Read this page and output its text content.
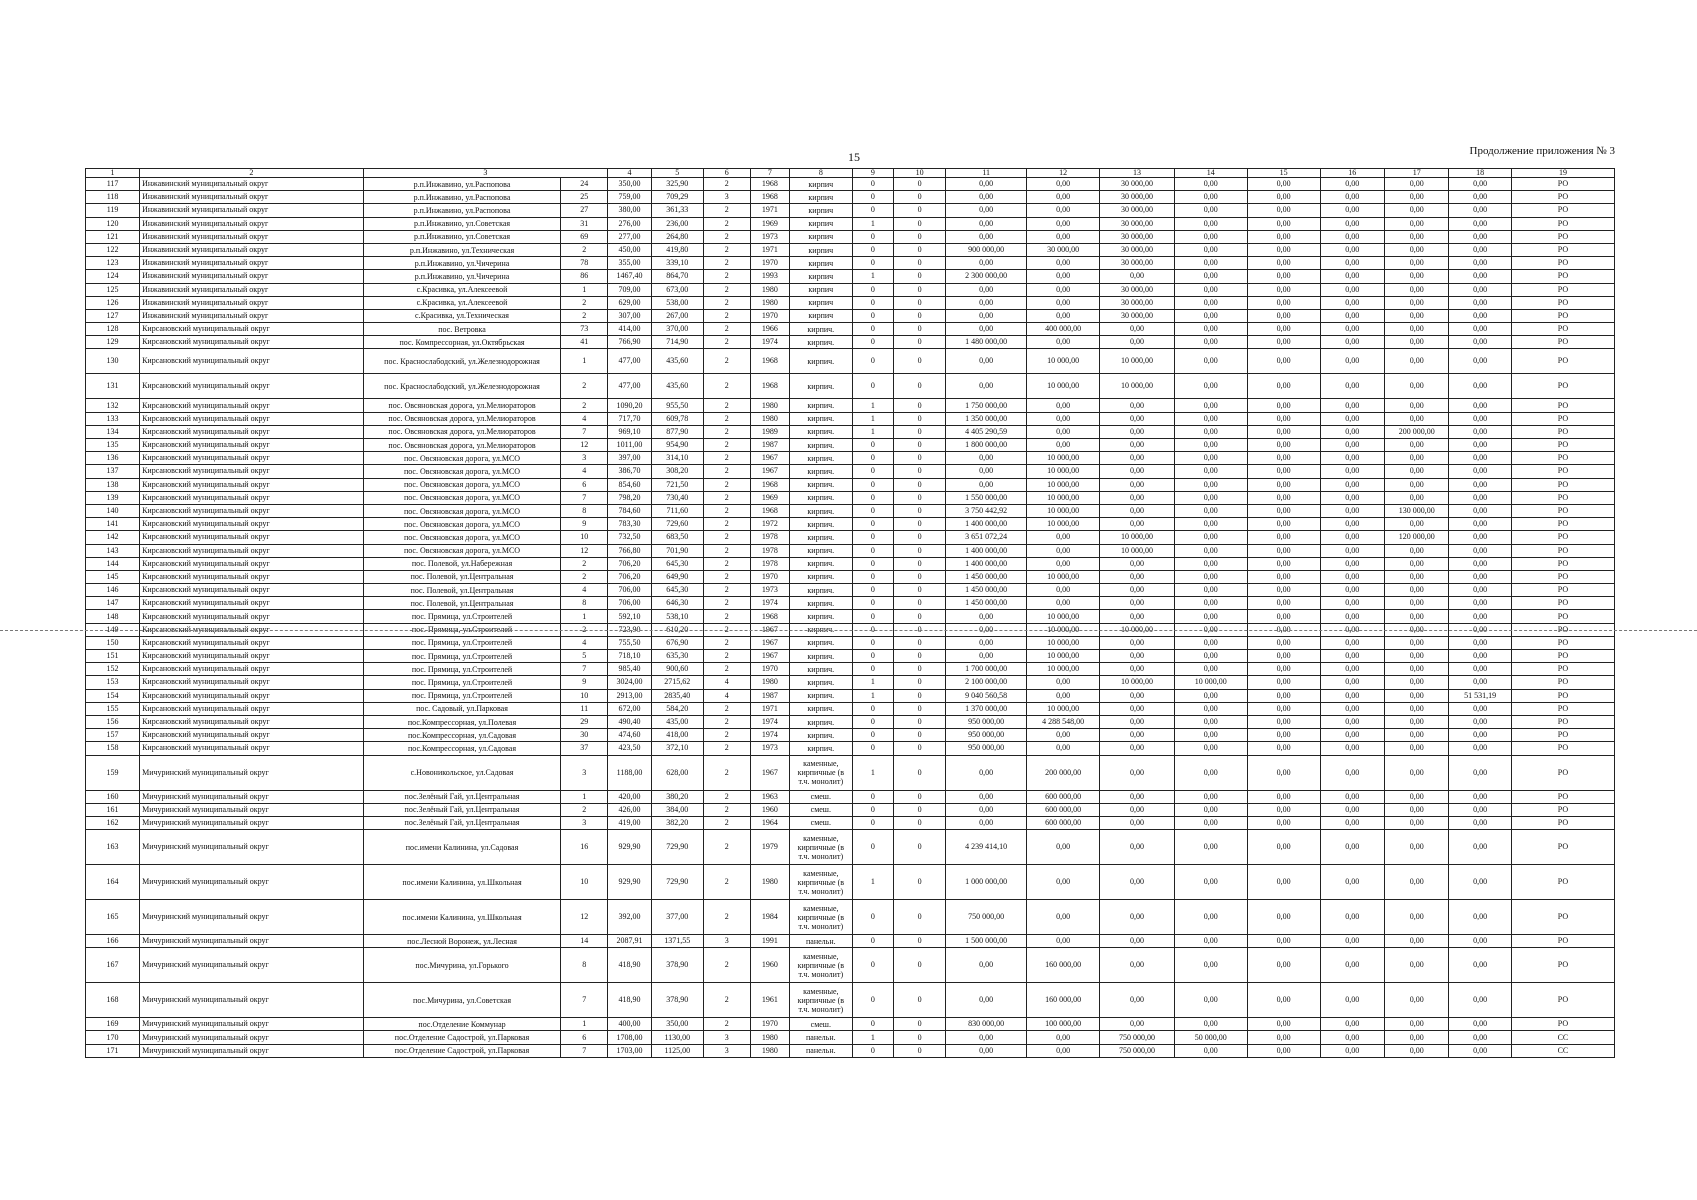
15	Продолжение приложения № 3
1	2	3		4	5	6	7	8	9	10	11	12	13	14	15	16	17	18	19
117	Инжавинский муниципальный округ	р.п.Инжавино, ул.Распопова	24	350,00	325,90	2	1968	кирпич	0	0	0,00	0,00	30 000,00	0,00	0,00	0,00	0,00	0,00	РО
118	Инжавинский муниципальный округ	р.п.Инжавино, ул.Распопова	25	759,00	709,29	3	1968	кирпич	0	0	0,00	0,00	30 000,00	0,00	0,00	0,00	0,00	0,00	РО
119	Инжавинский муниципальный округ	р.п.Инжавино, ул.Распопова	27	380,00	361,33	2	1971	кирпич	0	0	0,00	0,00	30 000,00	0,00	0,00	0,00	0,00	0,00	РО
120	Инжавинский муниципальный округ	р.п.Инжавино, ул.Советская	31	276,00	236,00	2	1969	кирпич	1	0	0,00	0,00	30 000,00	0,00	0,00	0,00	0,00	0,00	РО
121	Инжавинский муниципальный округ	р.п.Инжавино, ул.Советская	69	277,00	264,80	2	1973	кирпич	0	0	0,00	0,00	30 000,00	0,00	0,00	0,00	0,00	0,00	РО
122	Инжавинский муниципальный округ	р.п.Инжавино, ул.Техническая	2	450,00	419,80	2	1971	кирпич	0	0	900 000,00	30 000,00	30 000,00	0,00	0,00	0,00	0,00	0,00	РО
123	Инжавинский муниципальный округ	р.п.Инжавино, ул.Чичерина	78	355,00	339,10	2	1970	кирпич	0	0	0,00	0,00	30 000,00	0,00	0,00	0,00	0,00	0,00	РО
124	Инжавинский муниципальный округ	р.п.Инжавино, ул.Чичерина	86	1467,40	864,70	2	1993	кирпич	1	0	2 300 000,00	0,00	0,00	0,00	0,00	0,00	0,00	0,00	РО
125	Инжавинский муниципальный округ	с.Красивка, ул.Алексеевой	1	709,00	673,00	2	1980	кирпич	0	0	0,00	0,00	30 000,00	0,00	0,00	0,00	0,00	0,00	РО
126	Инжавинский муниципальный округ	с.Красивка, ул.Алексеевой	2	629,00	538,00	2	1980	кирпич	0	0	0,00	0,00	30 000,00	0,00	0,00	0,00	0,00	0,00	РО
127	Инжавинский муниципальный округ	с.Красивка, ул.Техническая	2	307,00	267,00	2	1970	кирпич	0	0	0,00	0,00	30 000,00	0,00	0,00	0,00	0,00	0,00	РО
128	Кирсановский муниципальный округ	пос. Ветровка	73	414,00	370,00	2	1966	кирпич.	0	0	0,00	400 000,00	0,00	0,00	0,00	0,00	0,00	0,00	РО
129	Кирсановский муниципальный округ	пос. Компрессорная, ул.Октябрьская	41	766,90	714,90	2	1974	кирпич.	0	0	1 480 000,00	0,00	0,00	0,00	0,00	0,00	0,00	0,00	РО
130	Кирсановский муниципальный округ	пос. Краснослабодский, ул.Железнодорожная	1	477,00	435,60	2	1968	кирпич.	0	0	0,00	10 000,00	10 000,00	0,00	0,00	0,00	0,00	0,00	РО
131	Кирсановский муниципальный округ	пос. Краснослабодский, ул.Железнодорожная	2	477,00	435,60	2	1968	кирпич.	0	0	0,00	10 000,00	10 000,00	0,00	0,00	0,00	0,00	0,00	РО
132	Кирсановский муниципальный округ	пос. Овсяновская дорога, ул.Мелиораторов	2	1090,20	955,50	2	1980	кирпич.	1	0	1 750 000,00	0,00	0,00	0,00	0,00	0,00	0,00	0,00	РО
133	Кирсановский муниципальный округ	пос. Овсяновская дорога, ул.Мелиораторов	4	717,70	609,78	2	1980	кирпич.	1	0	1 350 000,00	0,00	0,00	0,00	0,00	0,00	0,00	0,00	РО
134	Кирсановский муниципальный округ	пос. Овсяновская дорога, ул.Мелиораторов	7	969,10	877,90	2	1989	кирпич.	1	0	4 405 290,59	0,00	0,00	0,00	0,00	0,00	200 000,00	0,00	РО
135	Кирсановский муниципальный округ	пос. Овсяновская дорога, ул.Мелиораторов	12	1011,00	954,90	2	1987	кирпич.	0	0	1 800 000,00	0,00	0,00	0,00	0,00	0,00	0,00	0,00	РО
136	Кирсановский муниципальный округ	пос. Овсяновская дорога, ул.МСО	3	397,00	314,10	2	1967	кирпич.	0	0	0,00	10 000,00	0,00	0,00	0,00	0,00	0,00	0,00	РО
137	Кирсановский муниципальный округ	пос. Овсяновская дорога, ул.МСО	4	386,70	308,20	2	1967	кирпич.	0	0	0,00	10 000,00	0,00	0,00	0,00	0,00	0,00	0,00	РО
138	Кирсановский муниципальный округ	пос. Овсяновская дорога, ул.МСО	6	854,60	721,50	2	1968	кирпич.	0	0	0,00	10 000,00	0,00	0,00	0,00	0,00	0,00	0,00	РО
139	Кирсановский муниципальный округ	пос. Овсяновская дорога, ул.МСО	7	798,20	730,40	2	1969	кирпич.	0	0	1 550 000,00	10 000,00	0,00	0,00	0,00	0,00	0,00	0,00	РО
140	Кирсановский муниципальный округ	пос. Овсяновская дорога, ул.МСО	8	784,60	711,60	2	1968	кирпич.	0	0	3 750 442,92	10 000,00	0,00	0,00	0,00	0,00	130 000,00	0,00	РО
141	Кирсановский муниципальный округ	пос. Овсяновская дорога, ул.МСО	9	783,30	729,60	2	1972	кирпич.	0	0	1 400 000,00	10 000,00	0,00	0,00	0,00	0,00	0,00	0,00	РО
142	Кирсановский муниципальный округ	пос. Овсяновская дорога, ул.МСО	10	732,50	683,50	2	1978	кирпич.	0	0	3 651 072,24	0,00	10 000,00	0,00	0,00	0,00	120 000,00	0,00	РО
143	Кирсановский муниципальный округ	пос. Овсяновская дорога, ул.МСО	12	766,80	701,90	2	1978	кирпич.	0	0	1 400 000,00	0,00	10 000,00	0,00	0,00	0,00	0,00	0,00	РО
144	Кирсановский муниципальный округ	пос. Полевой, ул.Набережная	2	706,20	645,30	2	1978	кирпич.	0	0	1 400 000,00	0,00	0,00	0,00	0,00	0,00	0,00	0,00	РО
145	Кирсановский муниципальный округ	пос. Полевой, ул.Центральная	2	706,20	649,90	2	1970	кирпич.	0	0	1 450 000,00	10 000,00	0,00	0,00	0,00	0,00	0,00	0,00	РО
146	Кирсановский муниципальный округ	пос. Полевой, ул.Центральная	4	706,00	645,30	2	1973	кирпич.	0	0	1 450 000,00	0,00	0,00	0,00	0,00	0,00	0,00	0,00	РО
147	Кирсановский муниципальный округ	пос. Полевой, ул.Центральная	8	706,00	646,30	2	1974	кирпич.	0	0	1 450 000,00	0,00	0,00	0,00	0,00	0,00	0,00	0,00	РО
148	Кирсановский муниципальный округ	пос. Прямица, ул.Строителей	1	592,10	538,10	2	1968	кирпич.	0	0	0,00	10 000,00	0,00	0,00	0,00	0,00	0,00	0,00	РО
149	Кирсановский муниципальный округ	пос. Прямица, ул.Строителей	2	723,90	610,20	2	1967	кирпич.	0	0	0,00	10 000,00	10 000,00	0,00	0,00	0,00	0,00	0,00	РО
150	Кирсановский муниципальный округ	пос. Прямица, ул.Строителей	4	755,50	676,90	2	1967	кирпич.	0	0	0,00	10 000,00	0,00	0,00	0,00	0,00	0,00	0,00	РО
151	Кирсановский муниципальный округ	пос. Прямица, ул.Строителей	5	718,10	635,30	2	1967	кирпич.	0	0	0,00	10 000,00	0,00	0,00	0,00	0,00	0,00	0,00	РО
152	Кирсановский муниципальный округ	пос. Прямица, ул.Строителей	7	985,40	900,60	2	1970	кирпич.	0	0	1 700 000,00	10 000,00	0,00	0,00	0,00	0,00	0,00	0,00	РО
153	Кирсановский муниципальный округ	пос. Прямица, ул.Строителей	9	3024,00	2715,62	4	1980	кирпич.	1	0	2 100 000,00	0,00	10 000,00	10 000,00	0,00	0,00	0,00	0,00	РО
154	Кирсановский муниципальный округ	пос. Прямица, ул.Строителей	10	2913,00	2835,40	4	1987	кирпич.	1	0	9 040 560,58	0,00	0,00	0,00	0,00	0,00	0,00	51 531,19	РО
155	Кирсановский муниципальный округ	пос. Садовый, ул.Парковая	11	672,00	584,20	2	1971	кирпич.	0	0	1 370 000,00	10 000,00	0,00	0,00	0,00	0,00	0,00	0,00	РО
156	Кирсановский муниципальный округ	пос.Компрессорная, ул.Полевая	29	490,40	435,00	2	1974	кирпич.	0	0	950 000,00	4 288 548,00	0,00	0,00	0,00	0,00	0,00	0,00	РО
157	Кирсановский муниципальный округ	пос.Компрессорная, ул.Садовая	30	474,60	418,00	2	1974	кирпич.	0	0	950 000,00	0,00	0,00	0,00	0,00	0,00	0,00	0,00	РО
158	Кирсановский муниципальный округ	пос.Компрессорная, ул.Садовая	37	423,50	372,10	2	1973	кирпич.	0	0	950 000,00	0,00	0,00	0,00	0,00	0,00	0,00	0,00	РО
159	Мичуринский муниципальный округ	с.Новоникольское, ул.Садовая	3	1188,00	628,00	2	1967	каменные, кирпичные (в т.ч. монолит)	1	0	0,00	200 000,00	0,00	0,00	0,00	0,00	0,00	0,00	РО
160	Мичуринский муниципальный округ	пос.Зелёный Гай, ул.Центральная	1	420,00	380,20	2	1963	смеш.	0	0	0,00	600 000,00	0,00	0,00	0,00	0,00	0,00	0,00	РО
161	Мичуринский муниципальный округ	пос.Зелёный Гай, ул.Центральная	2	426,00	384,00	2	1960	смеш.	0	0	0,00	600 000,00	0,00	0,00	0,00	0,00	0,00	0,00	РО
162	Мичуринский муниципальный округ	пос.Зелёный Гай, ул.Центральная	3	419,00	382,20	2	1964	смеш.	0	0	0,00	600 000,00	0,00	0,00	0,00	0,00	0,00	0,00	РО
163	Мичуринский муниципальный округ	пос.имени Калинина, ул.Садовая	16	929,90	729,90	2	1979	каменные, кирпичные (в т.ч. монолит)	0	0	4 239 414,10	0,00	0,00	0,00	0,00	0,00	0,00	0,00	РО
164	Мичуринский муниципальный округ	пос.имени Калинина, ул.Школьная	10	929,90	729,90	2	1980	каменные, кирпичные (в т.ч. монолит)	1	0	1 000 000,00	0,00	0,00	0,00	0,00	0,00	0,00	0,00	РО
165	Мичуринский муниципальный округ	пос.имени Калинина, ул.Школьная	12	392,00	377,00	2	1984	каменные, кирпичные (в т.ч. монолит)	0	0	750 000,00	0,00	0,00	0,00	0,00	0,00	0,00	0,00	РО
166	Мичуринский муниципальный округ	пос.Лесной Воронеж, ул.Лесная	14	2087,91	1371,55	3	1991	панельн.	0	0	1 500 000,00	0,00	0,00	0,00	0,00	0,00	0,00	0,00	РО
167	Мичуринский муниципальный округ	пос.Мичурина, ул.Горького	8	418,90	378,90	2	1960	каменные, кирпичные (в т.ч. монолит)	0	0	0,00	160 000,00	0,00	0,00	0,00	0,00	0,00	0,00	РО
168	Мичуринский муниципальный округ	пос.Мичурина, ул.Советская	7	418,90	378,90	2	1961	каменные, кирпичные (в т.ч. монолит)	0	0	0,00	160 000,00	0,00	0,00	0,00	0,00	0,00	0,00	РО
169	Мичуринский муниципальный округ	пос.Отделение Коммунар	1	400,00	350,00	2	1970	смеш.	0	0	830 000,00	100 000,00	0,00	0,00	0,00	0,00	0,00	0,00	РО
170	Мичуринский муниципальный округ	пос.Отделение Садострой, ул.Парковая	6	1708,00	1130,00	3	1980	панельн.	1	0	0,00	0,00	750 000,00	50 000,00	0,00	0,00	0,00	0,00	СС
171	Мичуринский муниципальный округ	пос.Отделение Садострой, ул.Парковая	7	1703,00	1125,00	3	1980	панельн.	0	0	0,00	0,00	750 000,00	0,00	0,00	0,00	0,00	0,00	СС
